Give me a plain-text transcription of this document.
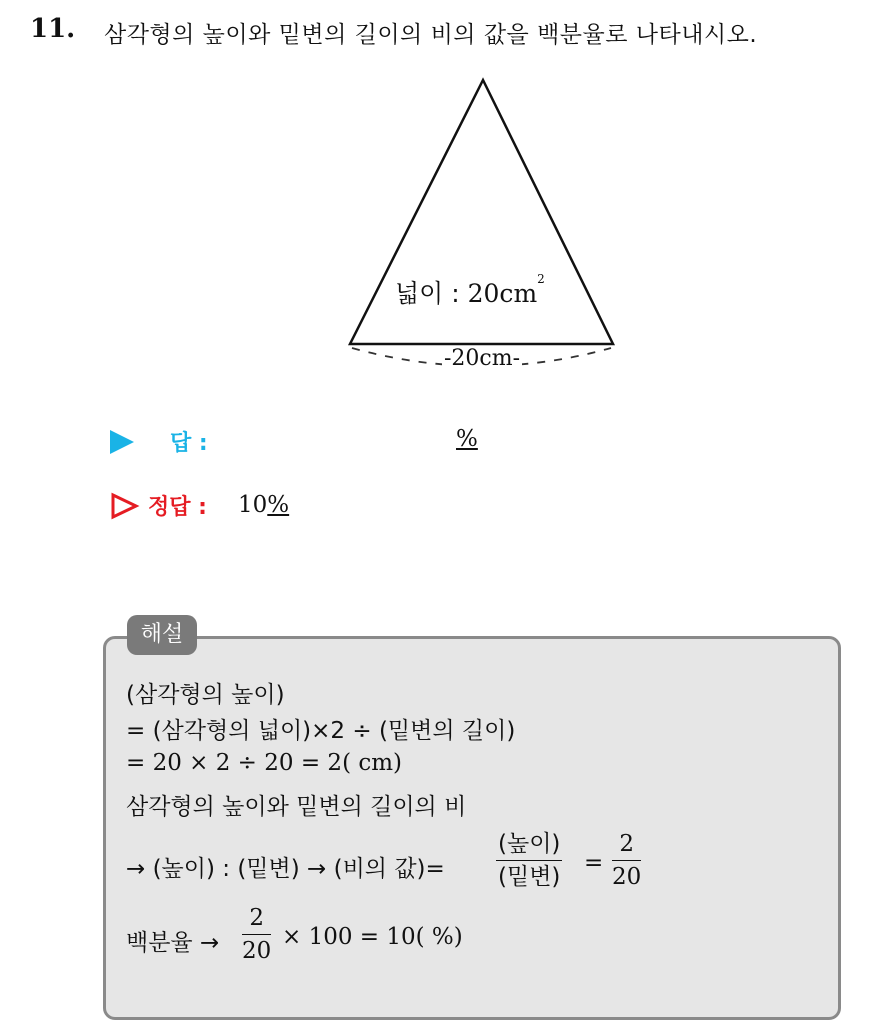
11. 삼각형의 높이와 밑변의 길이의 비의 값을 백분율로 나타내시오.
넓이 : $20cm^2$
-20cm-
답 :	%
정답 : 10%
해설
(삼각형의 높이)
= (삼각형의 넓이)×2 ÷ (밑변의 길이)
= 20 × 2 ÷ 20 = 2( cm)
삼각형의 높이와 밑변의 길이의 비
→ (높이) : (밑변) → (비의 값)=
(높이)
(밑변)
= $\frac{2}{20}$
백분율 → $\frac{2}{20} \times 100 = 10$( %)
